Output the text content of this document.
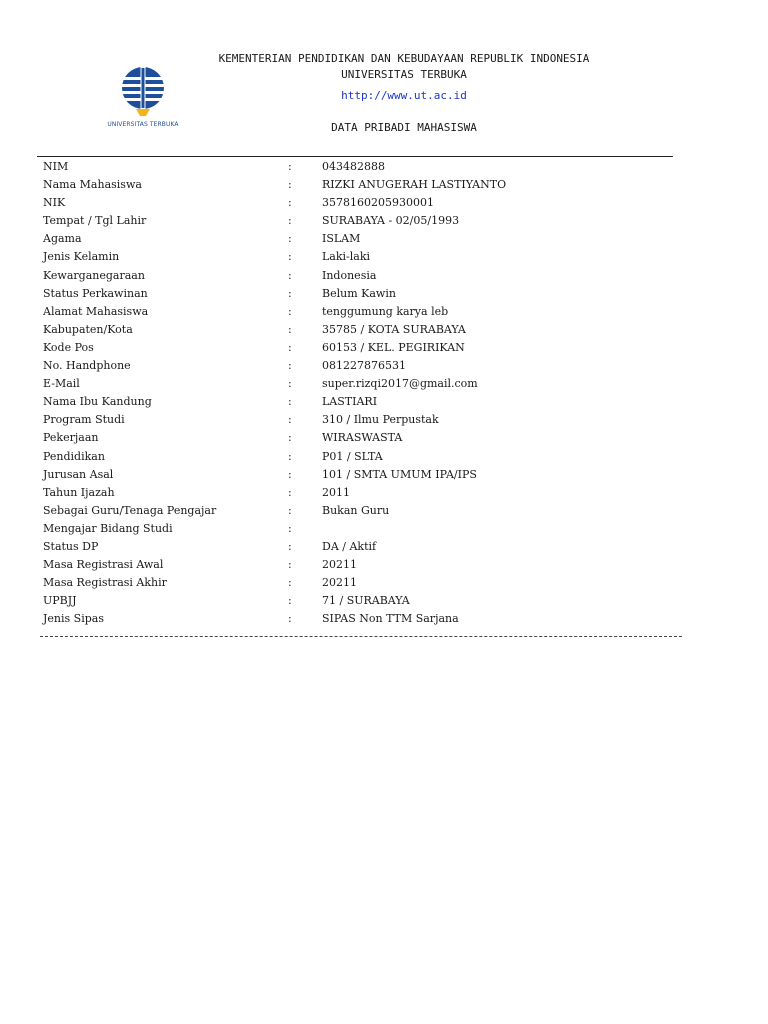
UNIVERSITAS TERBUKA
KEMENTERIAN PENDIDIKAN DAN KEBUDAYAAN REPUBLIK INDONESIA
UNIVERSITAS TERBUKA
http://www.ut.ac.id
DATA PRIBADI MAHASISWA
NIM	:	043482888
Nama Mahasiswa	:	RIZKI ANUGERAH LASTIYANTO
NIK	:	3578160205930001
Tempat / Tgl Lahir	:	SURABAYA - 02/05/1993
Agama	:	ISLAM
Jenis Kelamin	:	Laki-laki
Kewarganegaraan	:	Indonesia
Status Perkawinan	:	Belum Kawin
Alamat Mahasiswa	:	tenggumung karya leb
Kabupaten/Kota	:	35785 / KOTA SURABAYA
Kode Pos	:	60153 / KEL. PEGIRIKAN
No. Handphone	:	081227876531
E-Mail	:	super.rizqi2017@gmail.com
Nama Ibu Kandung	:	LASTIARI
Program Studi	:	310 / Ilmu Perpustak
Pekerjaan	:	WIRASWASTA
Pendidikan	:	P01 / SLTA
Jurusan Asal	:	101 / SMTA UMUM IPA/IPS
Tahun Ijazah	:	2011
Sebagai Guru/Tenaga Pengajar	:	Bukan Guru
Mengajar Bidang Studi	:
Status DP	:	DA / Aktif
Masa Registrasi Awal	:	20211
Masa Registrasi Akhir	:	20211
UPBJJ	:	71 / SURABAYA
Jenis Sipas	:	SIPAS Non TTM Sarjana
